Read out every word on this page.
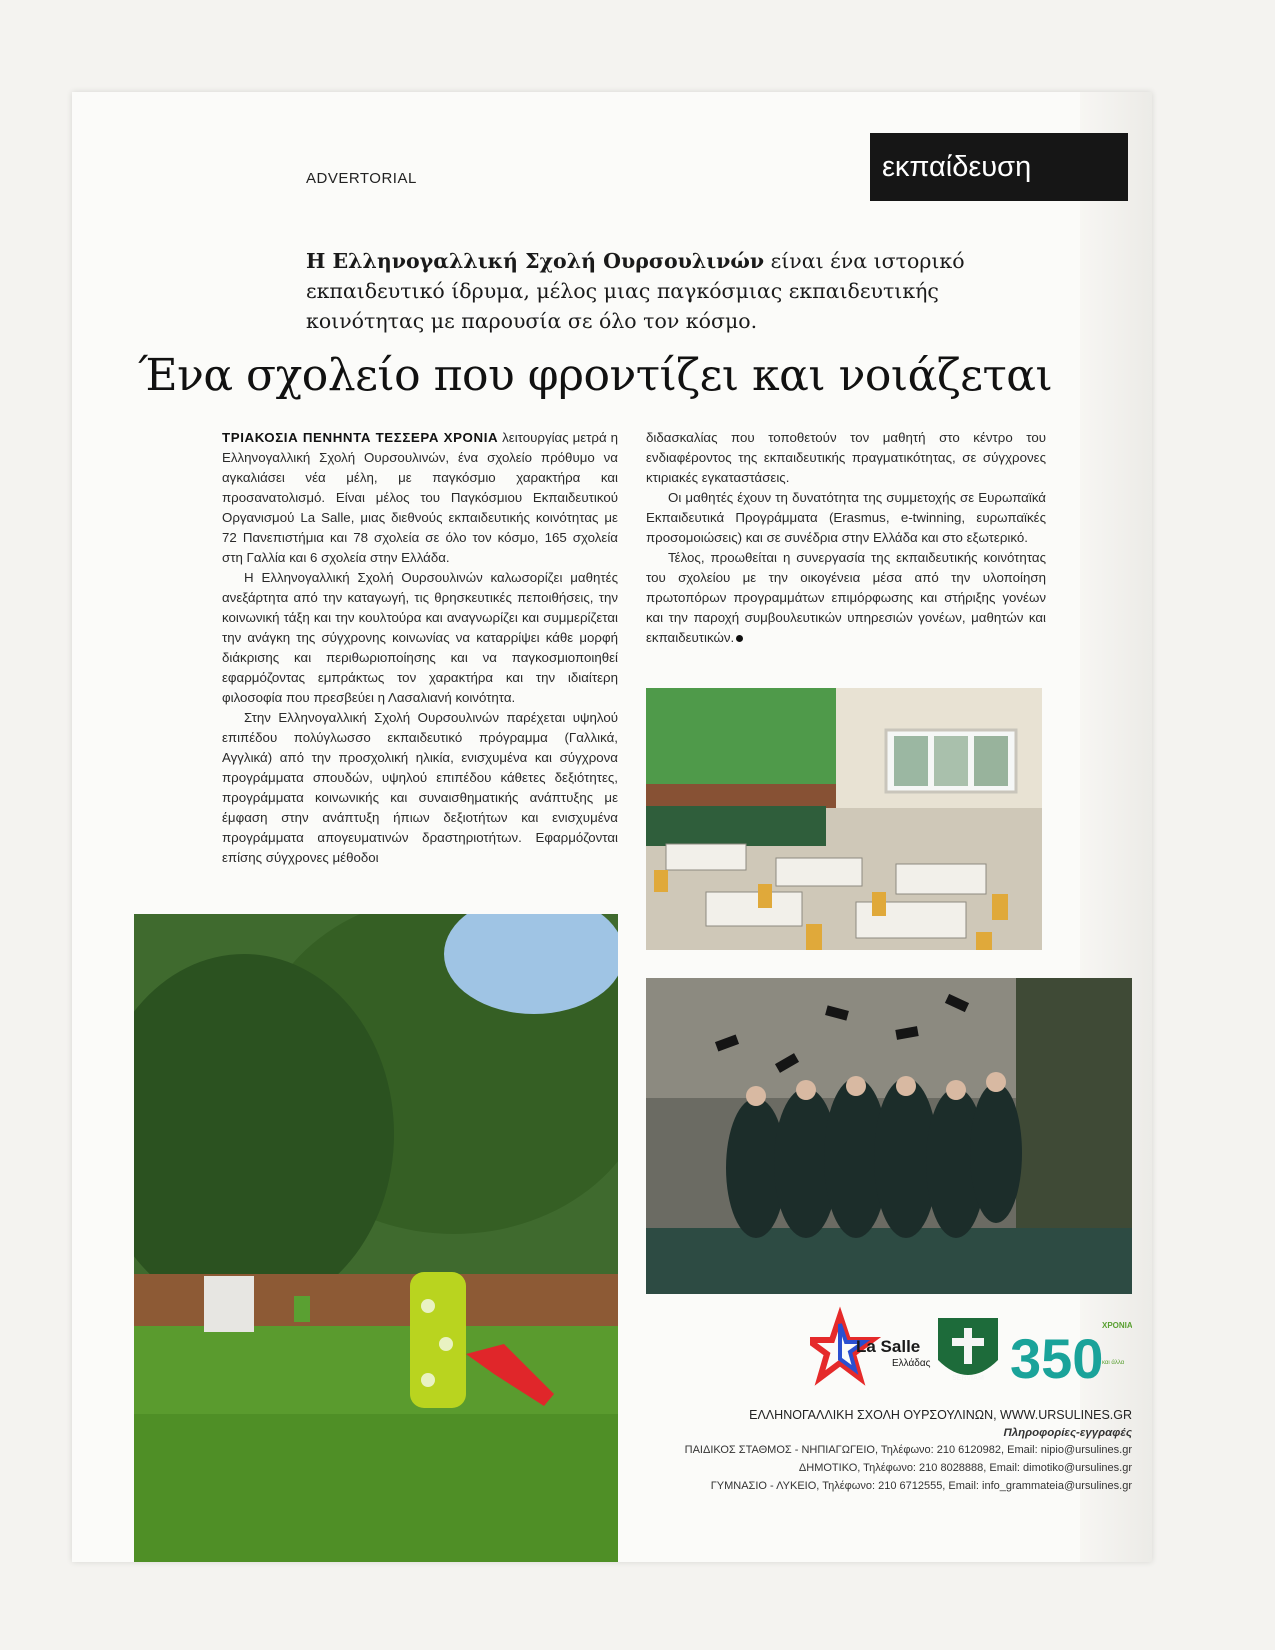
ADVERTORIAL	εκπαίδευση
Η Ελληνογαλλική Σχολή Ουρσουλινών είναι ένα ιστορικό εκπαιδευτικό ίδρυμα, μέλος μιας παγκόσμιας εκπαιδευτικής κοινότητας με παρουσία σε όλο τον κόσμο.
Ένα σχολείο που φροντίζει και νοιάζεται

ΤΡΙΑΚΟΣΙΑ ΠΕΝΗΝΤΑ ΤΕΣΣΕΡΑ ΧΡΟΝΙΑ λειτουργίας μετρά η Ελληνογαλλική Σχολή Ουρσουλινών, ένα σχολείο πρόθυμο να αγκαλιάσει νέα μέλη, με παγκόσμιο χαρακτήρα και προσανατολισμό. Είναι μέλος του Παγκόσμιου Εκπαιδευτικού Οργανισμού La Salle, μιας διεθνούς εκπαιδευτικής κοινότητας με 72 Πανεπιστήμια και 78 σχολεία σε όλο τον κόσμο, 165 σχολεία στη Γαλλία και 6 σχολεία στην Ελλάδα.

Η Ελληνογαλλική Σχολή Ουρσουλινών καλωσορίζει μαθητές ανεξάρτητα από την καταγωγή, τις θρησκευτικές πεποιθήσεις, την κοινωνική τάξη και την κουλτούρα και αναγνωρίζει και συμμερίζεται την ανάγκη της σύγχρονης κοινωνίας να καταρρίψει κάθε μορφή διάκρισης και περιθωριοποίησης και να παγκοσμιοποιηθεί εφαρμόζοντας εμπράκτως τον χαρακτήρα και την ιδιαίτερη φιλοσοφία που πρεσβεύει η Λασαλιανή κοινότητα.

Στην Ελληνογαλλική Σχολή Ουρσουλινών παρέχεται υψηλού επιπέδου πολύγλωσσο εκπαιδευτικό πρόγραμμα (Γαλλικά, Αγγλικά) από την προσχολική ηλικία, ενισχυμένα και σύγχρονα προγράμματα σπουδών, υψηλού επιπέδου κάθετες δεξιότητες, προγράμματα κοινωνικής και συναισθηματικής ανάπτυξης με έμφαση στην ανάπτυξη ήπιων δεξιοτήτων και ενισχυμένα προγράμματα απογευματινών δραστηριοτήτων. Εφαρμόζονται επίσης σύγχρονες μέθοδοι

διδασκαλίας που τοποθετούν τον μαθητή στο κέντρο του ενδιαφέροντος της εκπαιδευτικής πραγματικότητας, σε σύγχρονες κτιριακές εγκαταστάσεις.

Οι μαθητές έχουν τη δυνατότητα της συμμετοχής σε Ευρωπαϊκά Εκπαιδευτικά Προγράμματα (Erasmus, e-twinning, ευρωπαϊκές προσομοιώσεις) και σε συνέδρια στην Ελλάδα και στο εξωτερικό.

Τέλος, προωθείται η συνεργασία της εκπαιδευτικής κοινότητας του σχολείου με την οικογένεια μέσα από την υλοποίηση πρωτοπόρων προγραμμάτων επιμόρφωσης και στήριξης γονέων και την παροχή συμβουλευτικών υπηρεσιών γονέων, μαθητών και εκπαιδευτικών.

La Salle
Ελλάδας
SERVIAM 350
ΧΡΟΝΙΑ
και άλλα
ΕΛΛΗΝΟΓΑΛΛΙΚΗ ΣΧΟΛΗ ΟΥΡΣΟΥΛΙΝΩΝ, WWW.URSULINES.GR
Πληροφορίες-εγγραφές
ΠΑΙΔΙΚΟΣ ΣΤΑΘΜΟΣ - ΝΗΠΙΑΓΩΓΕΙΟ, Τηλέφωνο: 210 6120982, Email: nipio@ursulines.gr
ΔΗΜΟΤΙΚΟ, Τηλέφωνο: 210 8028888, Email: dimotiko@ursulines.gr
ΓΥΜΝΑΣΙΟ - ΛΥΚΕΙΟ, Τηλέφωνο: 210 6712555, Email: info_grammateia@ursulines.gr
